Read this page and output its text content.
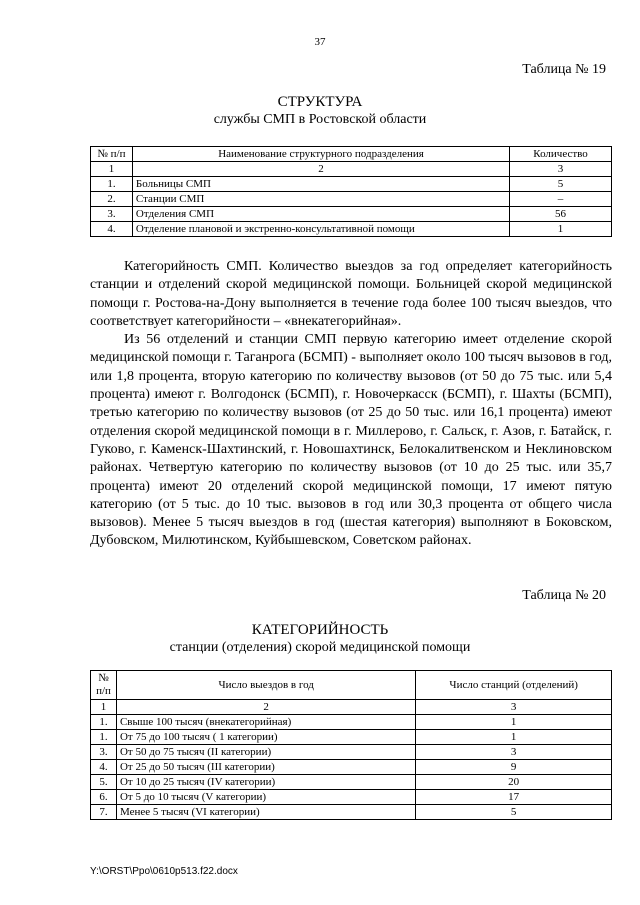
37
Таблица № 19
СТРУКТУРА
службы СМП в Ростовской области
№ п/п	Наименование структурного подразделения	Количество
1	2	3
1.	Больницы СМП	5
2.	Станции СМП	–
3.	Отделения СМП	56
4.	Отделение плановой и экстренно-консультативной помощи	1

Категорийность СМП. Количество выездов за год определяет категорийность станции и отделений скорой медицинской помощи. Больницей скорой медицинской помощи г. Ростова-на-Дону выполняется в течение года более 100 тысяч выездов, что соответствует категорийности – «внекатегорийная».

Из 56 отделений и станции СМП первую категорию имеет отделение скорой медицинской помощи г. Таганрога (БСМП) - выполняет около 100 тысяч вызовов в год, или 1,8 процента, вторую категорию по количеству вызовов (от 50 до 75 тыс. или 5,4 процента) имеют г. Волгодонск (БСМП), г. Новочеркасск (БСМП), г. Шахты (БСМП), третью категорию по количеству вызовов (от 25 до 50 тыс. или 16,1 процента) имеют отделения скорой медицинской помощи в г. Миллерово, г. Сальск, г. Азов, г. Батайск, г. Гуково, г. Каменск-Шахтинский, г. Новошахтинск, Белокалитвенском и Неклиновском районах. Четвертую категорию по количеству вызовов (от 10 до 25 тыс. или 35,7 процента) имеют 20 отделений скорой медицинской помощи, 17 имеют пятую категорию (от 5 тыс. до 10 тыс. вызовов в год или 30,3 процента от общего числа вызовов). Менее 5 тысяч выездов в год (шестая категория) выполняют в Боковском, Дубовском, Милютинском, Куйбышевском, Советском районах.

Таблица № 20
КАТЕГОРИЙНОСТЬ
станции (отделения) скорой медицинской помощи
№ п/п	Число выездов в год	Число станций (отделений)
1	2	3
1.	Свыше 100 тысяч (внекатегорийная)	1
1.	От 75 до 100 тысяч ( 1 категории)	1
3.	От 50 до 75 тысяч (II категории)	3
4.	От 25 до 50 тысяч (III категории)	9
5.	От 10 до 25 тысяч (IV категории)	20
6.	От 5 до 10 тысяч (V категории)	17
7.	Менее 5 тысяч (VI категории)	5
Y:\ORST\Ppo\0610p513.f22.docx
